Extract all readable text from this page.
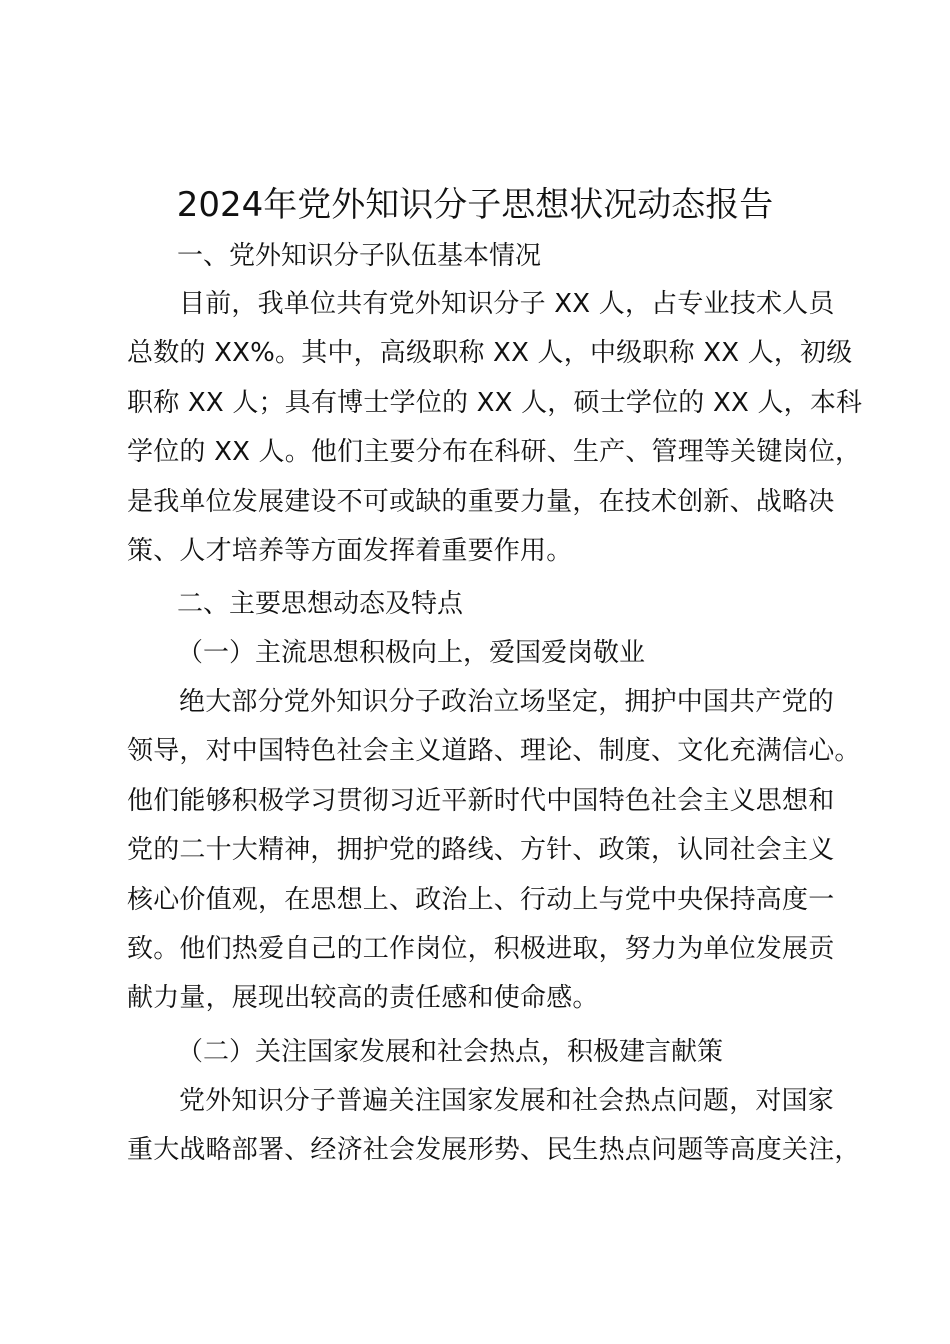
2024年党外知识分子思想状况动态报告

一、党外知识分子队伍基本情况

目前，我单位共有党外知识分子 XX 人，占专业技术人员
总数的 XX%。其中，高级职称 XX 人，中级职称 XX 人，初级
职称 XX 人；具有博士学位的 XX 人，硕士学位的 XX 人，本科
学位的 XX 人。他们主要分布在科研、生产、管理等关键岗位，
是我单位发展建设不可或缺的重要力量，在技术创新、战略决
策、人才培养等方面发挥着重要作用。

二、主要思想动态及特点

（一）主流思想积极向上，爱国爱岗敬业

绝大部分党外知识分子政治立场坚定，拥护中国共产党的
领导，对中国特色社会主义道路、理论、制度、文化充满信心。
他们能够积极学习贯彻习近平新时代中国特色社会主义思想和
党的二十大精神，拥护党的路线、方针、政策，认同社会主义
核心价值观，在思想上、政治上、行动上与党中央保持高度一
致。他们热爱自己的工作岗位，积极进取，努力为单位发展贡
献力量，展现出较高的责任感和使命感。

（二）关注国家发展和社会热点，积极建言献策

党外知识分子普遍关注国家发展和社会热点问题，对国家
重大战略部署、经济社会发展形势、民生热点问题等高度关注，
